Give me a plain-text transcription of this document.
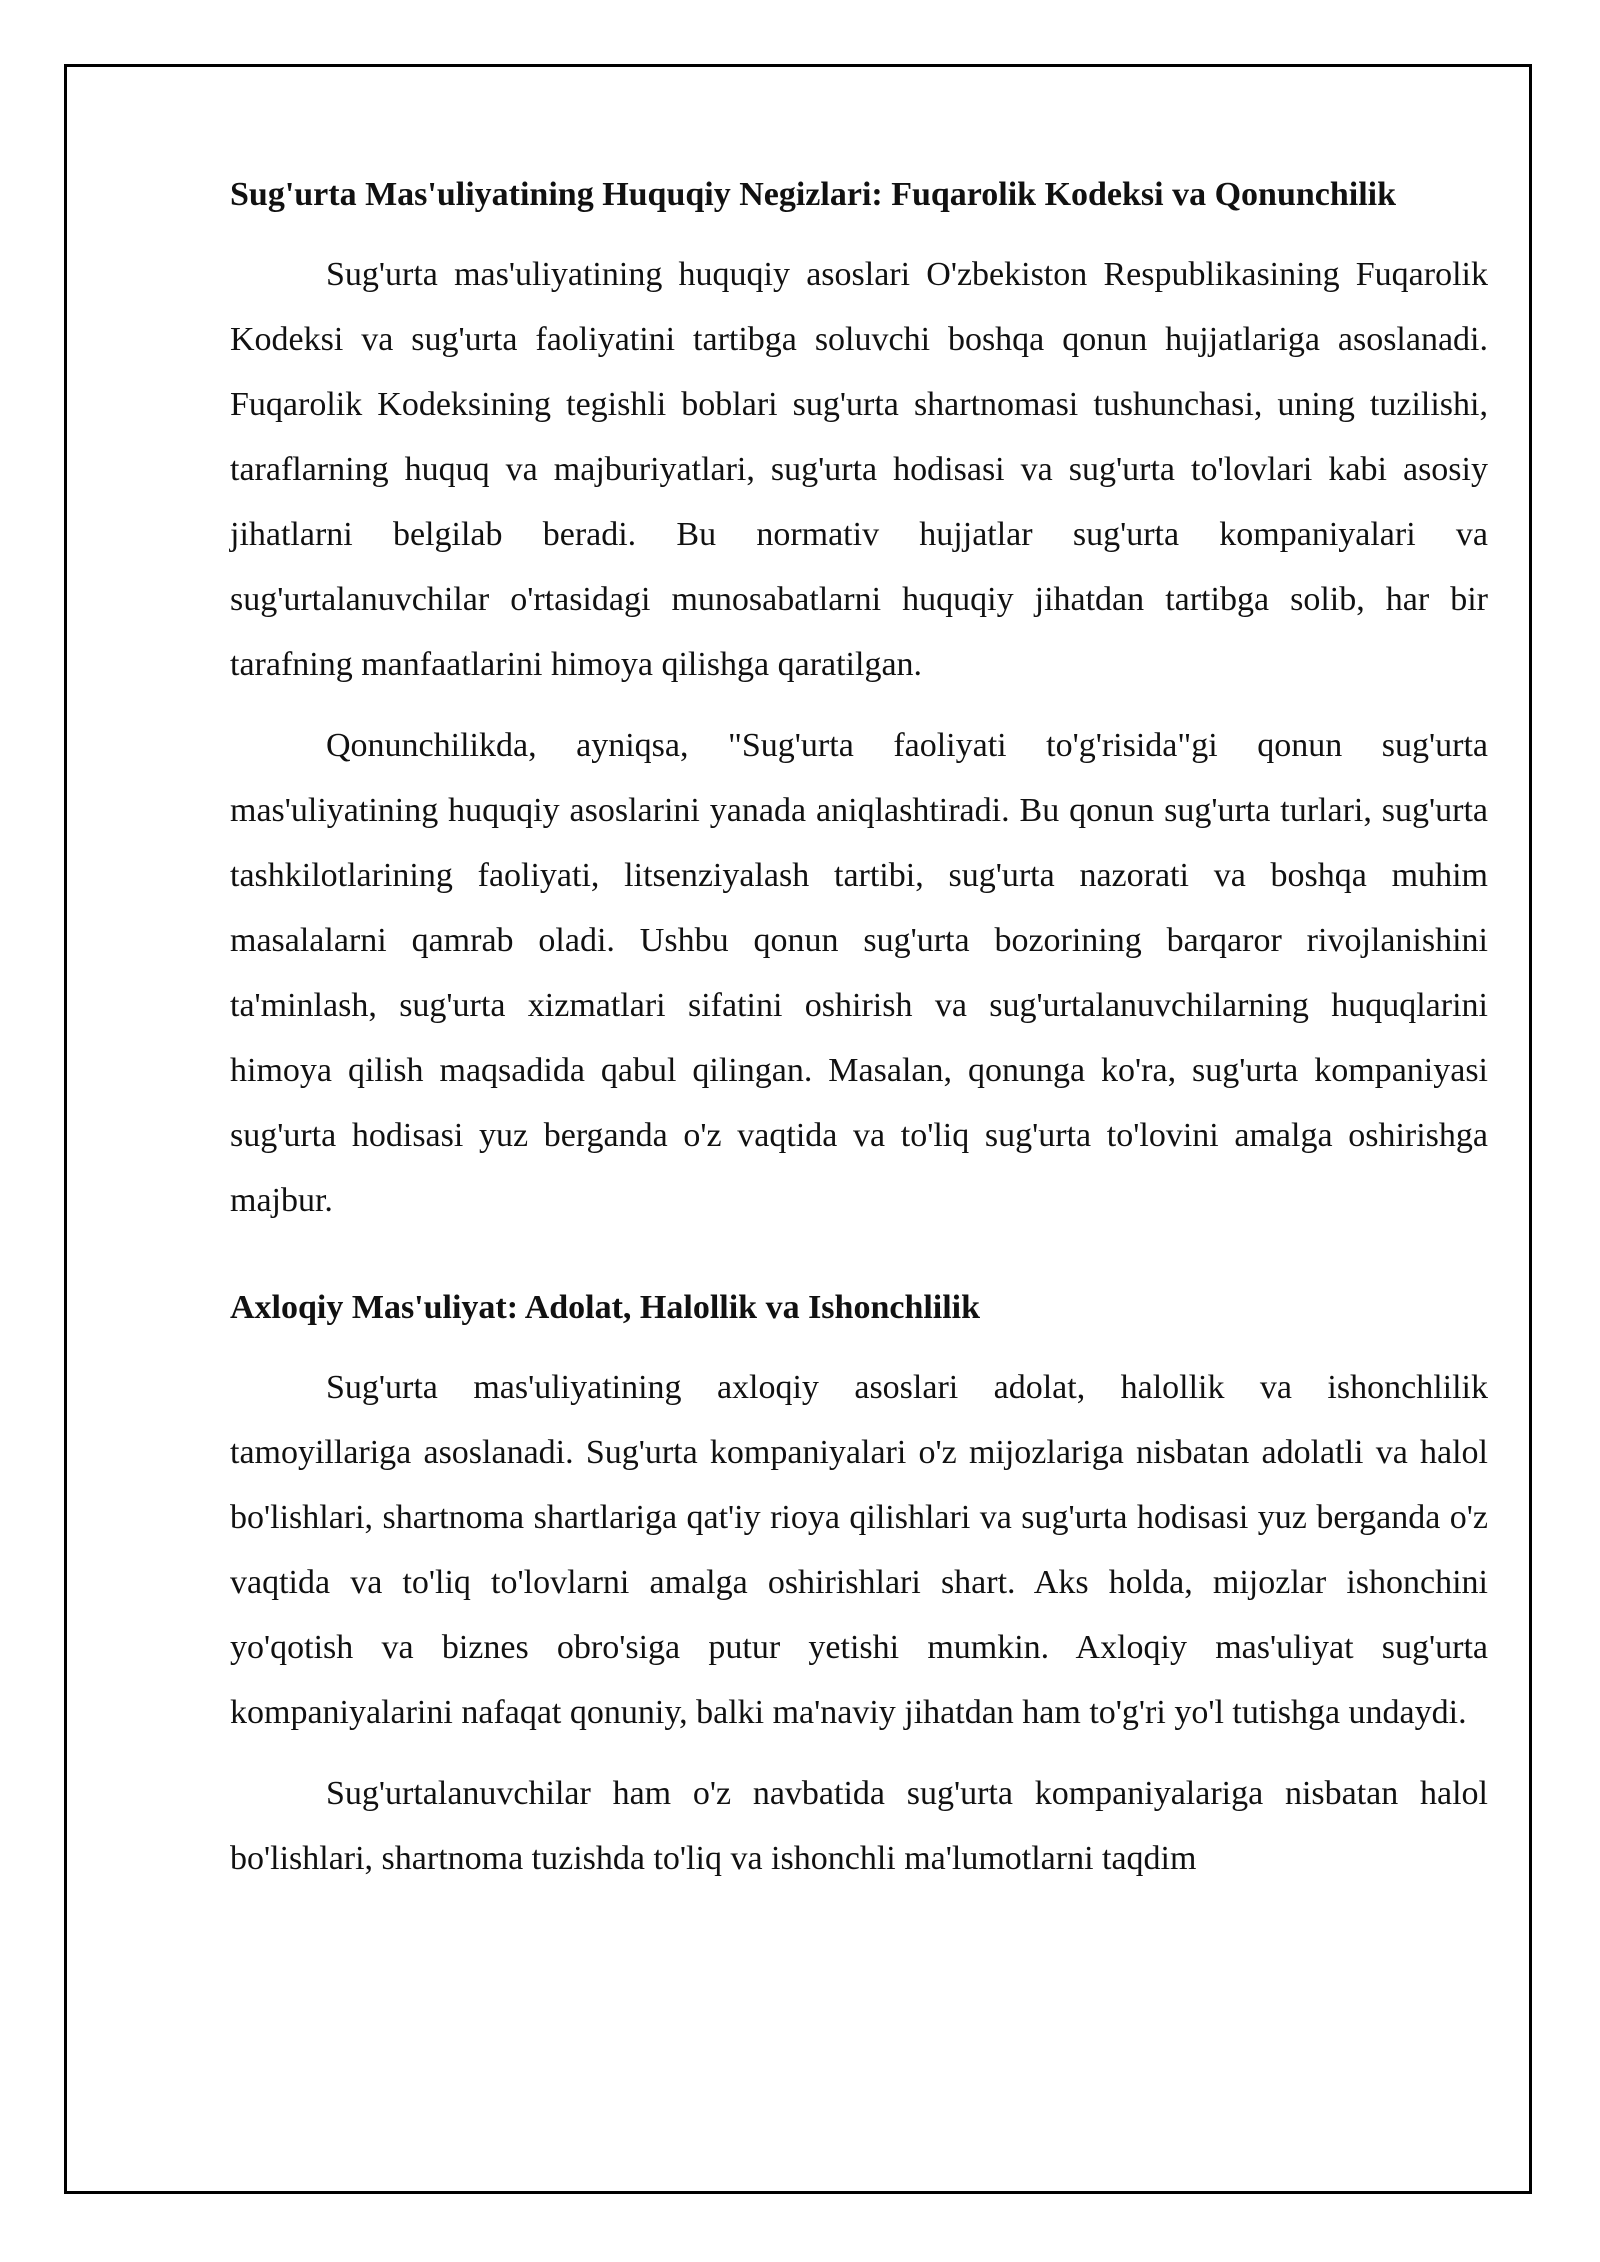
Sug'urta Mas'uliyatining Huquqiy Negizlari: Fuqarolik Kodeksi va Qonunchilik

Sug'urta mas'uliyatining huquqiy asoslari O'zbekiston Respublikasining Fuqarolik Kodeksi va sug'urta faoliyatini tartibga soluvchi boshqa qonun hujjatlariga asoslanadi. Fuqarolik Kodeksining tegishli boblari sug'urta shartnomasi tushunchasi, uning tuzilishi, taraflarning huquq va majburiyatlari, sug'urta hodisasi va sug'urta to'lovlari kabi asosiy jihatlarni belgilab beradi. Bu normativ hujjatlar sug'urta kompaniyalari va sug'urtalanuvchilar o'rtasidagi munosabatlarni huquqiy jihatdan tartibga solib, har bir tarafning manfaatlarini himoya qilishga qaratilgan.

Qonunchilikda, ayniqsa, "Sug'urta faoliyati to'g'risida"gi qonun sug'urta mas'uliyatining huquqiy asoslarini yanada aniqlashtiradi. Bu qonun sug'urta turlari, sug'urta tashkilotlarining faoliyati, litsenziyalash tartibi, sug'urta nazorati va boshqa muhim masalalarni qamrab oladi. Ushbu qonun sug'urta bozorining barqaror rivojlanishini ta'minlash, sug'urta xizmatlari sifatini oshirish va sug'urtalanuvchilarning huquqlarini himoya qilish maqsadida qabul qilingan. Masalan, qonunga ko'ra, sug'urta kompaniyasi sug'urta hodisasi yuz berganda o'z vaqtida va to'liq sug'urta to'lovini amalga oshirishga majbur.

Axloqiy Mas'uliyat: Adolat, Halollik va Ishonchlilik

Sug'urta mas'uliyatining axloqiy asoslari adolat, halollik va ishonchlilik tamoyillariga asoslanadi. Sug'urta kompaniyalari o'z mijozlariga nisbatan adolatli va halol bo'lishlari, shartnoma shartlariga qat'iy rioya qilishlari va sug'urta hodisasi yuz berganda o'z vaqtida va to'liq to'lovlarni amalga oshirishlari shart. Aks holda, mijozlar ishonchini yo'qotish va biznes obro'siga putur yetishi mumkin. Axloqiy mas'uliyat sug'urta kompaniyalarini nafaqat qonuniy, balki ma'naviy jihatdan ham to'g'ri yo'l tutishga undaydi.

Sug'urtalanuvchilar ham o'z navbatida sug'urta kompaniyalariga nisbatan halol bo'lishlari, shartnoma tuzishda to'liq va ishonchli ma'lumotlarni taqdim
